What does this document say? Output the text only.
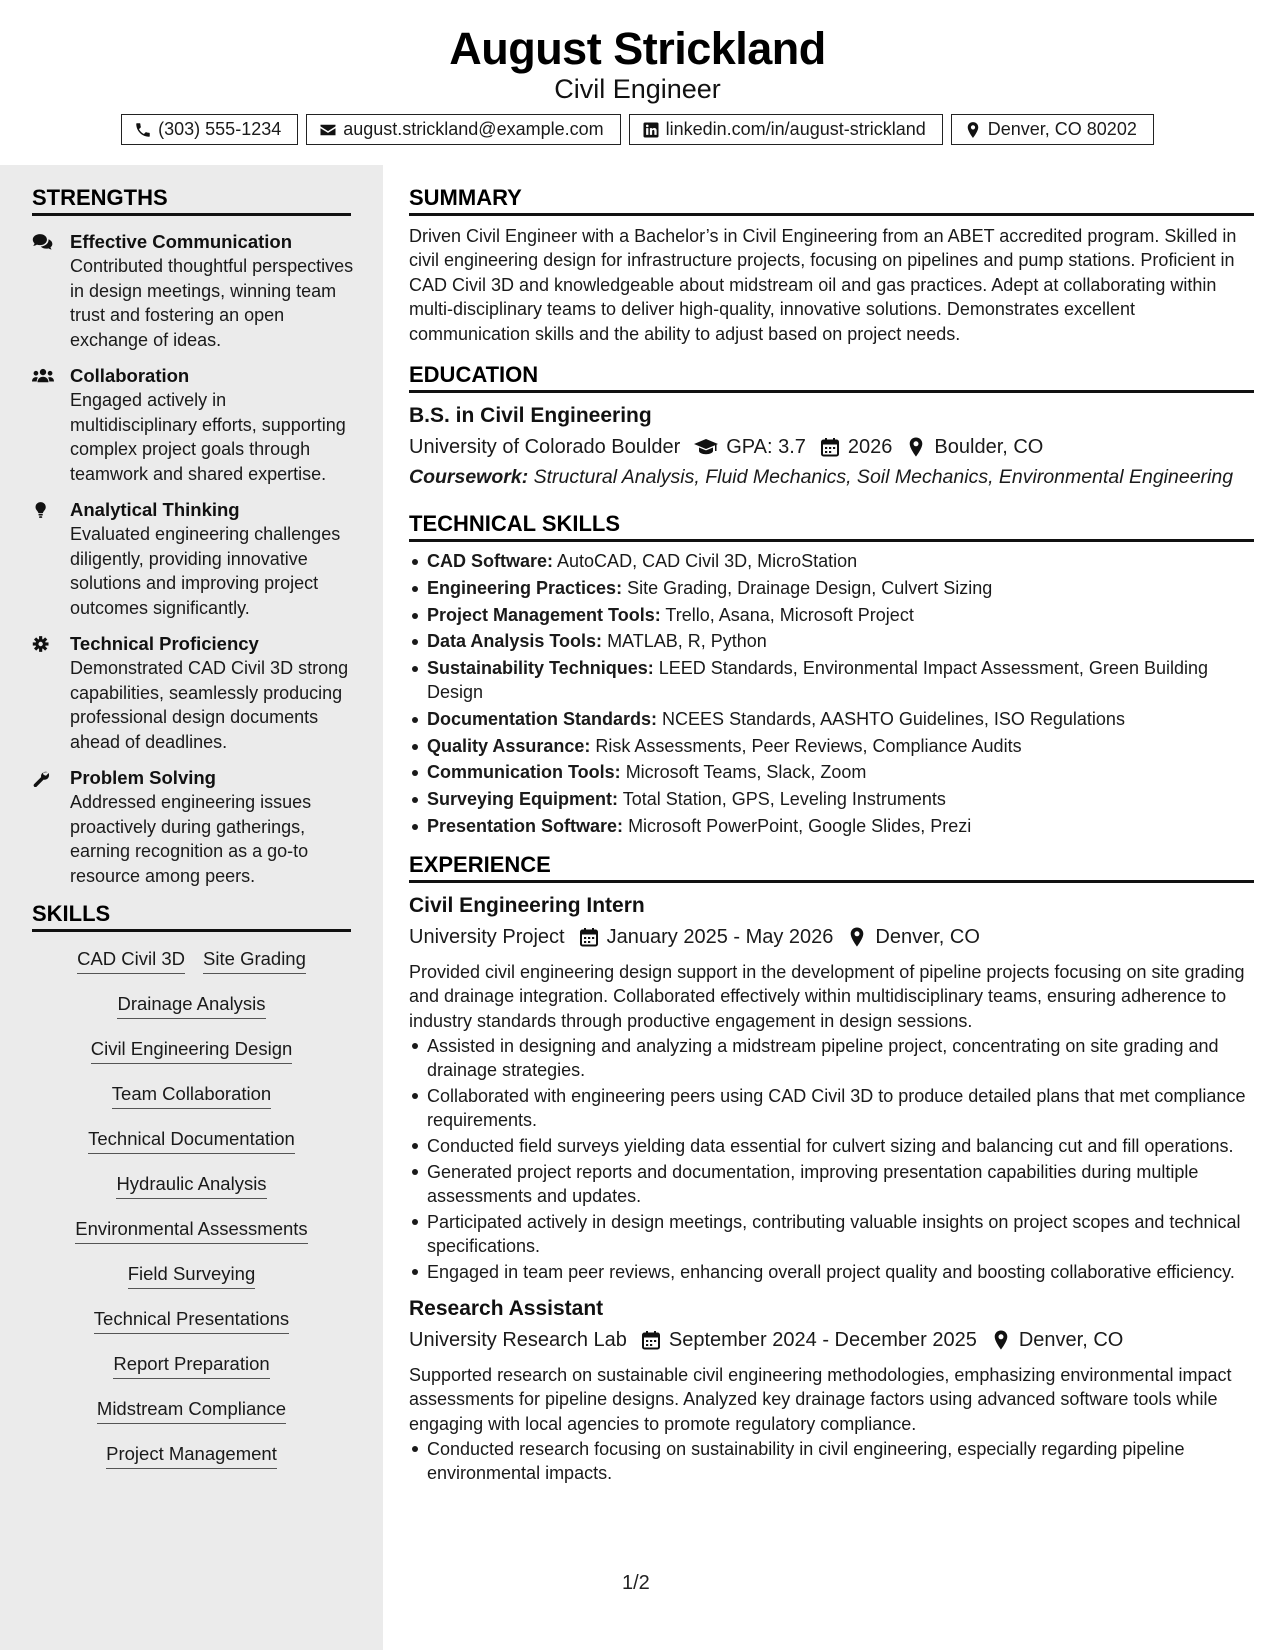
August Strickland
Civil Engineer
(303) 555-1234	august.strickland@example.com	linkedin.com/in/august-strickland	Denver, CO 80202
STRENGTHS
Effective Communication
Contributed thoughtful perspectives in design meetings, winning team trust and fostering an open exchange of ideas.
Collaboration
Engaged actively in multidisciplinary efforts, supporting complex project goals through teamwork and shared expertise.
Analytical Thinking
Evaluated engineering challenges diligently, providing innovative solutions and improving project outcomes significantly.
Technical Proficiency
Demonstrated CAD Civil 3D strong capabilities, seamlessly producing professional design documents ahead of deadlines.
Problem Solving
Addressed engineering issues proactively during gatherings, earning recognition as a go-to resource among peers.
SKILLS
CAD Civil 3D Site Grading
Drainage Analysis
Civil Engineering Design
Team Collaboration
Technical Documentation
Hydraulic Analysis
Environmental Assessments
Field Surveying
Technical Presentations
Report Preparation
Midstream Compliance
Project Management
SUMMARY
Driven Civil Engineer with a Bachelor’s in Civil Engineering from an ABET accredited program. Skilled in civil engineering design for infrastructure projects, focusing on pipelines and pump stations. Proficient in CAD Civil 3D and knowledgeable about midstream oil and gas practices. Adept at collaborating within multi-disciplinary teams to deliver high-quality, innovative solutions. Demonstrates excellent communication skills and the ability to adjust based on project needs.
EDUCATION
B.S. in Civil Engineering
University of Colorado Boulder GPA: 3.7 2026 Boulder, CO
Coursework: Structural Analysis, Fluid Mechanics, Soil Mechanics, Environmental Engineering
TECHNICAL SKILLS
CAD Software: AutoCAD, CAD Civil 3D, MicroStation
Engineering Practices: Site Grading, Drainage Design, Culvert Sizing
Project Management Tools: Trello, Asana, Microsoft Project
Data Analysis Tools: MATLAB, R, Python
Sustainability Techniques: LEED Standards, Environmental Impact Assessment, Green Building Design
Documentation Standards: NCEES Standards, AASHTO Guidelines, ISO Regulations
Quality Assurance: Risk Assessments, Peer Reviews, Compliance Audits
Communication Tools: Microsoft Teams, Slack, Zoom
Surveying Equipment: Total Station, GPS, Leveling Instruments
Presentation Software: Microsoft PowerPoint, Google Slides, Prezi
EXPERIENCE
Civil Engineering Intern
University Project January 2025 - May 2026 Denver, CO
Provided civil engineering design support in the development of pipeline projects focusing on site grading and drainage integration. Collaborated effectively within multidisciplinary teams, ensuring adherence to industry standards through productive engagement in design sessions.
Assisted in designing and analyzing a midstream pipeline project, concentrating on site grading and drainage strategies.
Collaborated with engineering peers using CAD Civil 3D to produce detailed plans that met compliance requirements.
Conducted field surveys yielding data essential for culvert sizing and balancing cut and fill operations.
Generated project reports and documentation, improving presentation capabilities during multiple assessments and updates.
Participated actively in design meetings, contributing valuable insights on project scopes and technical specifications.
Engaged in team peer reviews, enhancing overall project quality and boosting collaborative efficiency.
Research Assistant
University Research Lab September 2024 - December 2025 Denver, CO
Supported research on sustainable civil engineering methodologies, emphasizing environmental impact assessments for pipeline designs. Analyzed key drainage factors using advanced software tools while engaging with local agencies to promote regulatory compliance.
Conducted research focusing on sustainability in civil engineering, especially regarding pipeline environmental impacts.
1/2
